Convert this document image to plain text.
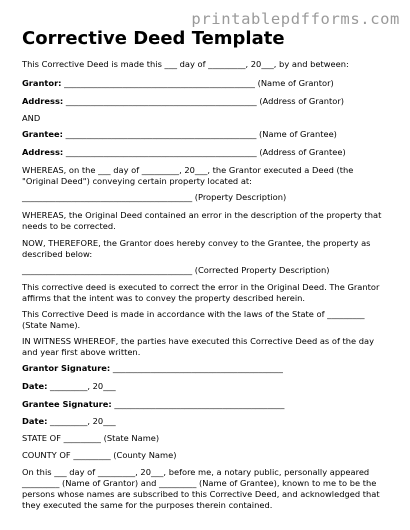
printablepdfforms.com
Corrective Deed Template
This Corrective Deed is made this ___ day of _________, 20___, by and between:
Grantor: ______________________________________________ (Name of Grantor)
Address: ______________________________________________ (Address of Grantor)
AND
Grantee: ______________________________________________ (Name of Grantee)
Address: ______________________________________________ (Address of Grantee)
WHEREAS, on the ___ day of _________, 20___, the Grantor executed a Deed (the "Original Deed") conveying certain property located at:
_________________________________________ (Property Description)
WHEREAS, the Original Deed contained an error in the description of the property that needs to be corrected.
NOW, THEREFORE, the Grantor does hereby convey to the Grantee, the property as described below:
_________________________________________ (Corrected Property Description)
This corrective deed is executed to correct the error in the Original Deed. The Grantor affirms that the intent was to convey the property described herein.
This Corrective Deed is made in accordance with the laws of the State of _________ (State Name).
IN WITNESS WHEREOF, the parties have executed this Corrective Deed as of the day and year first above written.
Grantor Signature: _________________________________________
Date: _________, 20___
Grantee Signature: _________________________________________
Date: _________, 20___
STATE OF _________ (State Name)
COUNTY OF _________ (County Name)
On this ___ day of _________, 20___, before me, a notary public, personally appeared _________ (Name of Grantor) and _________ (Name of Grantee), known to me to be the persons whose names are subscribed to this Corrective Deed, and acknowledged that they executed the same for the purposes therein contained.
